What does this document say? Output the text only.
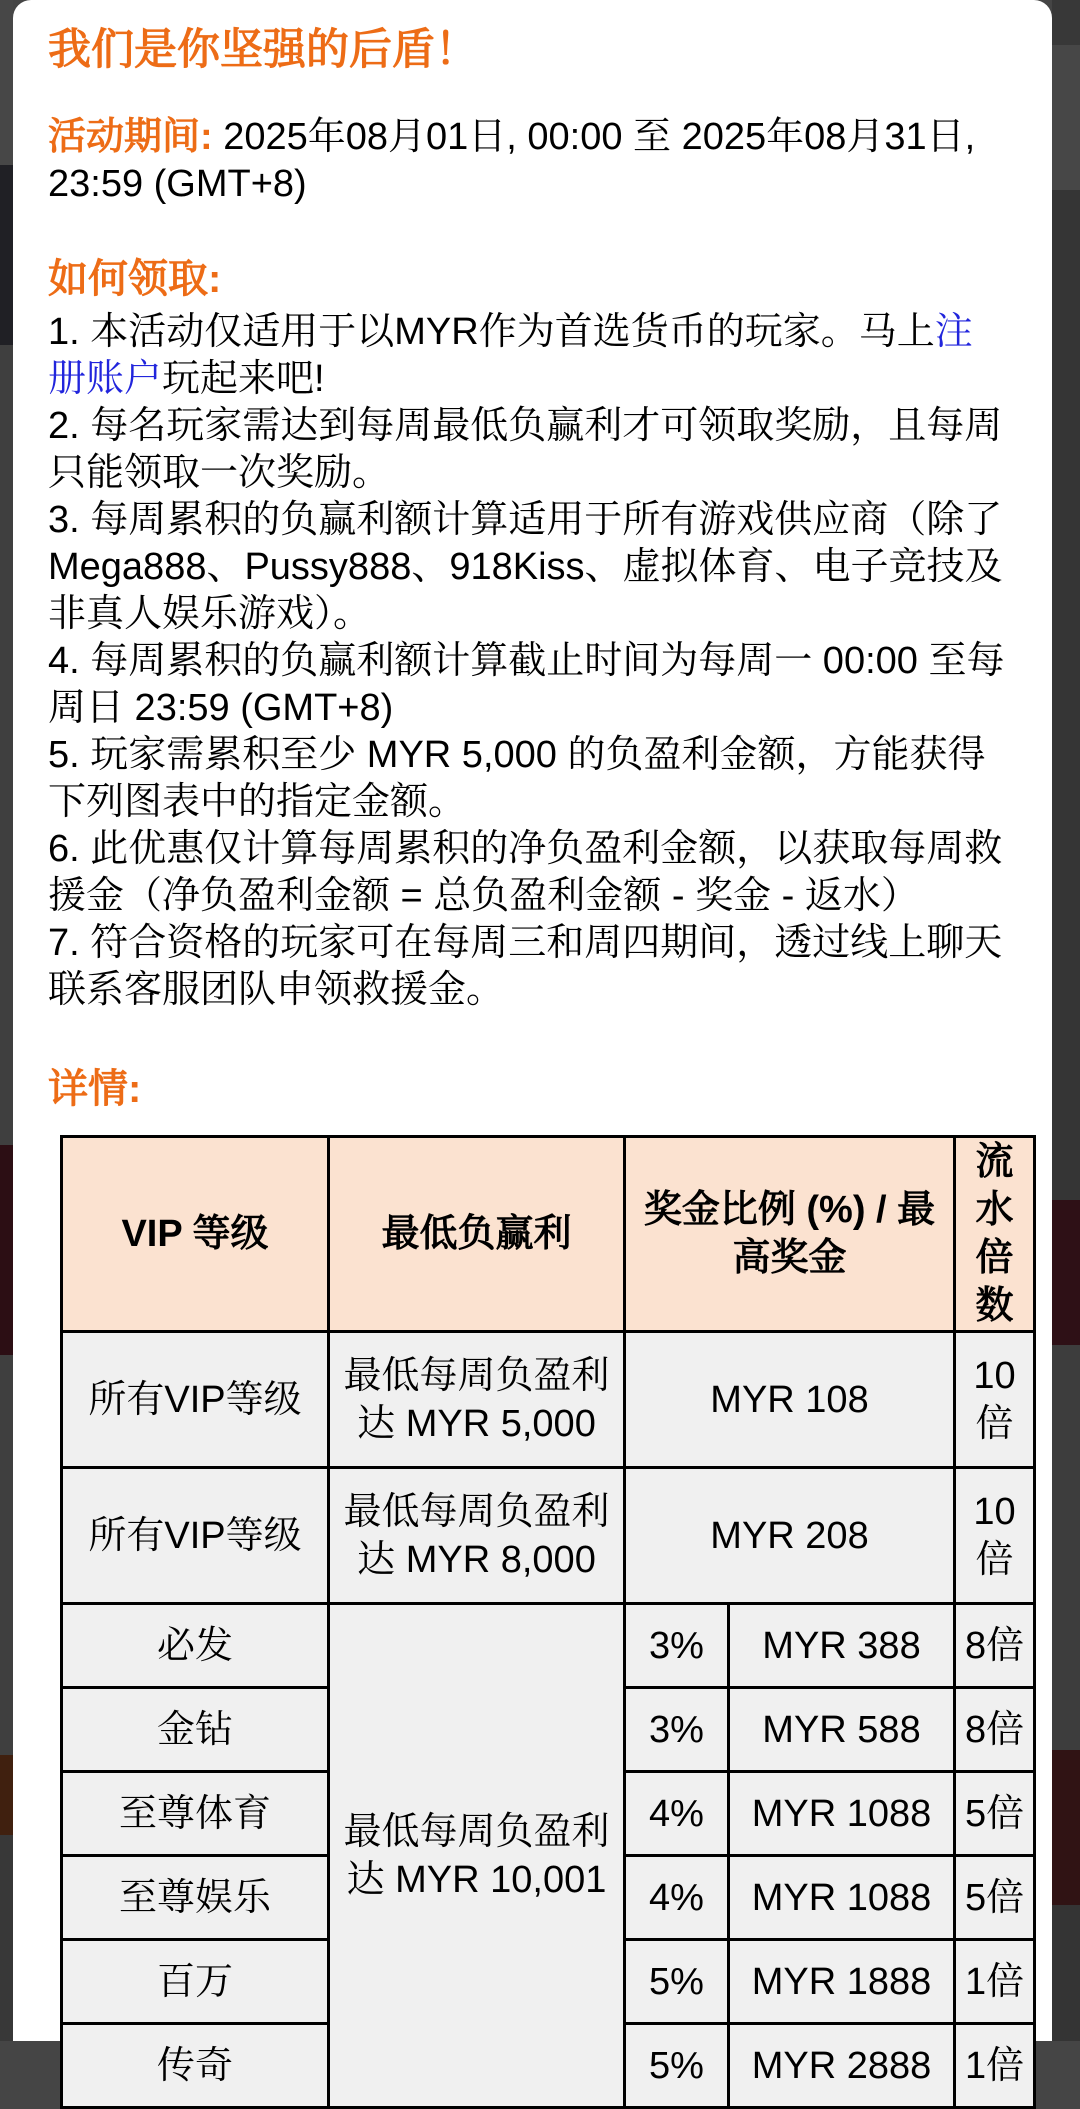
我们是你坚强的后盾！
活动期间: 2025年08月01日, 00:00 至 2025年08月31日, 23:59 (GMT+8)
如何领取:
1. 本活动仅适用于以MYR作为首选货币的玩家。马上注册账户玩起来吧!
2. 每名玩家需达到每周最低负赢利才可领取奖励，且每周只能领取一次奖励。
3. 每周累积的负赢利额计算适用于所有游戏供应商（除了Mega888、Pussy888、918Kiss、虚拟体育、电子竞技及非真人娱乐游戏）。
4. 每周累积的负赢利额计算截止时间为每周一 00:00 至每周日 23:59 (GMT+8)
5. 玩家需累积至少 MYR 5,000 的负盈利金额，方能获得下列图表中的指定金额。
6. 此优惠仅计算每周累积的净负盈利金额，以获取每周救援金（净负盈利金额 = 总负盈利金额 - 奖金 - 返水）
7. 符合资格的玩家可在每周三和周四期间，透过线上聊天联系客服团队申领救援金。
详情:
VIP 等级	最低负赢利	奖金比例 (%) / 最高奖金		流水倍数
所有VIP等级	最低每周负盈利达 MYR 5,000	MYR 108		10倍
所有VIP等级	最低每周负盈利达 MYR 8,000	MYR 208		10倍
必发	最低每周负盈利达 MYR 10,001	3%	MYR 388	8倍
金钻		3%	MYR 588	8倍
至尊体育		4%	MYR 1088	5倍
至尊娱乐		4%	MYR 1088	5倍
百万		5%	MYR 1888	1倍
传奇		5%	MYR 2888	1倍
